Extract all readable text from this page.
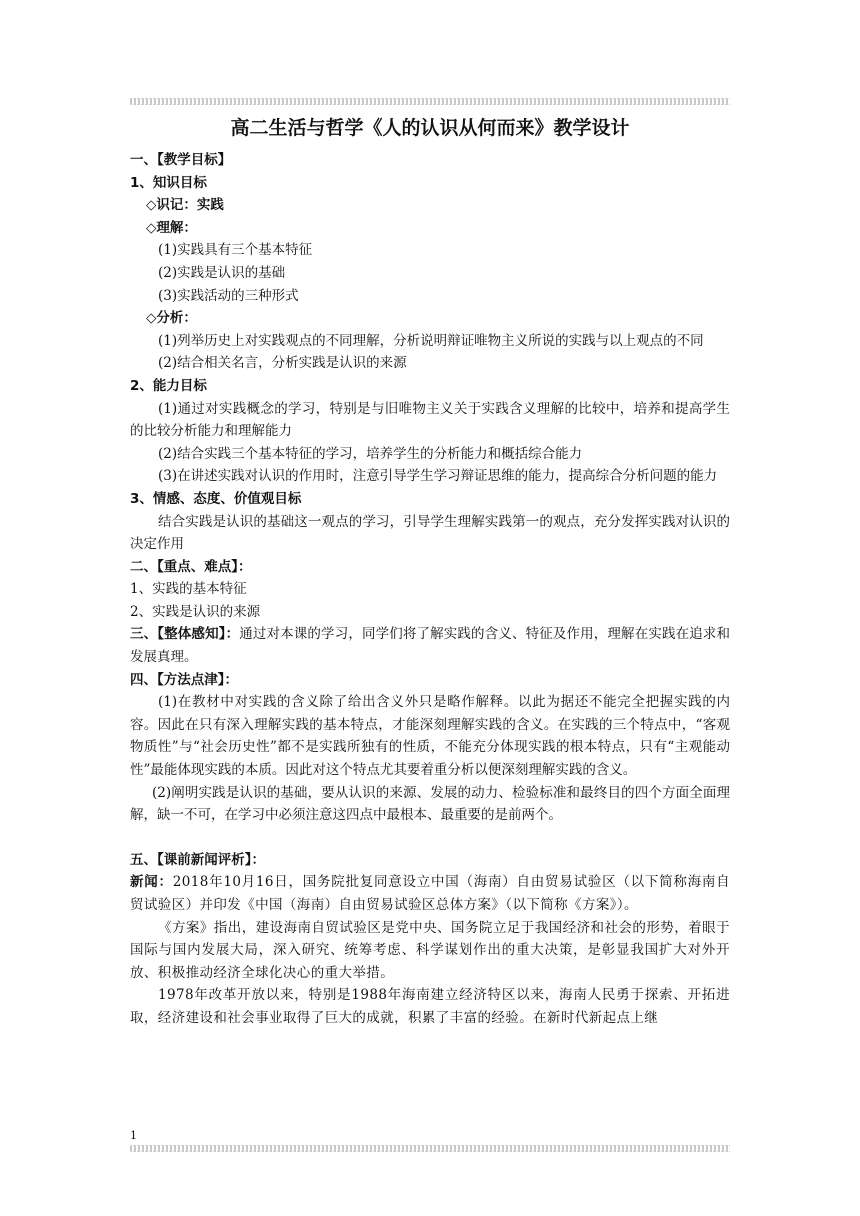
高二生活与哲学《人的认识从何而来》教学设计

一、【教学目标】

1、知识目标

◇识记：实践

◇理解：

(1)实践具有三个基本特征

(2)实践是认识的基础

(3)实践活动的三种形式

◇分析：

(1)列举历史上对实践观点的不同理解，分析说明辩证唯物主义所说的实践与以上观点的不同

(2)结合相关名言，分析实践是认识的来源

2、能力目标

(1)通过对实践概念的学习，特别是与旧唯物主义关于实践含义理解的比较中，培养和提高学生的比较分析能力和理解能力

(2)结合实践三个基本特征的学习，培养学生的分析能力和概括综合能力

(3)在讲述实践对认识的作用时，注意引导学生学习辩证思维的能力，提高综合分析问题的能力

3、情感、态度、价值观目标

结合实践是认识的基础这一观点的学习，引导学生理解实践第一的观点，充分发挥实践对认识的决定作用

二、【重点、难点】：

1、实践的基本特征

2、实践是认识的来源

三、【整体感知】：通过对本课的学习，同学们将了解实践的含义、特征及作用，理解在实践在追求和发展真理。

四、【方法点津】：

(1)在教材中对实践的含义除了给出含义外只是略作解释。以此为据还不能完全把握实践的内容。因此在只有深入理解实践的基本特点，才能深刻理解实践的含义。在实践的三个特点中，“客观物质性”与“社会历史性”都不是实践所独有的性质，不能充分体现实践的根本特点，只有“主观能动性”最能体现实践的本质。因此对这个特点尤其要着重分析以便深刻理解实践的含义。

(2)阐明实践是认识的基础，要从认识的来源、发展的动力、检验标准和最终目的四个方面全面理解，缺一不可，在学习中必须注意这四点中最根本、最重要的是前两个。

五、【课前新闻评析】：

新闻：2018年10月16日，国务院批复同意设立中国（海南）自由贸易试验区（以下简称海南自贸试验区）并印发《中国（海南）自由贸易试验区总体方案》（以下简称《方案》）。

《方案》指出，建设海南自贸试验区是党中央、国务院立足于我国经济和社会的形势，着眼于国际与国内发展大局，深入研究、统筹考虑、科学谋划作出的重大决策，是彰显我国扩大对外开放、积极推动经济全球化决心的重大举措。

1978年改革开放以来，特别是1988年海南建立经济特区以来，海南人民勇于探索、开拓进取，经济建设和社会事业取得了巨大的成就，积累了丰富的经验。在新时代新起点上继

1
